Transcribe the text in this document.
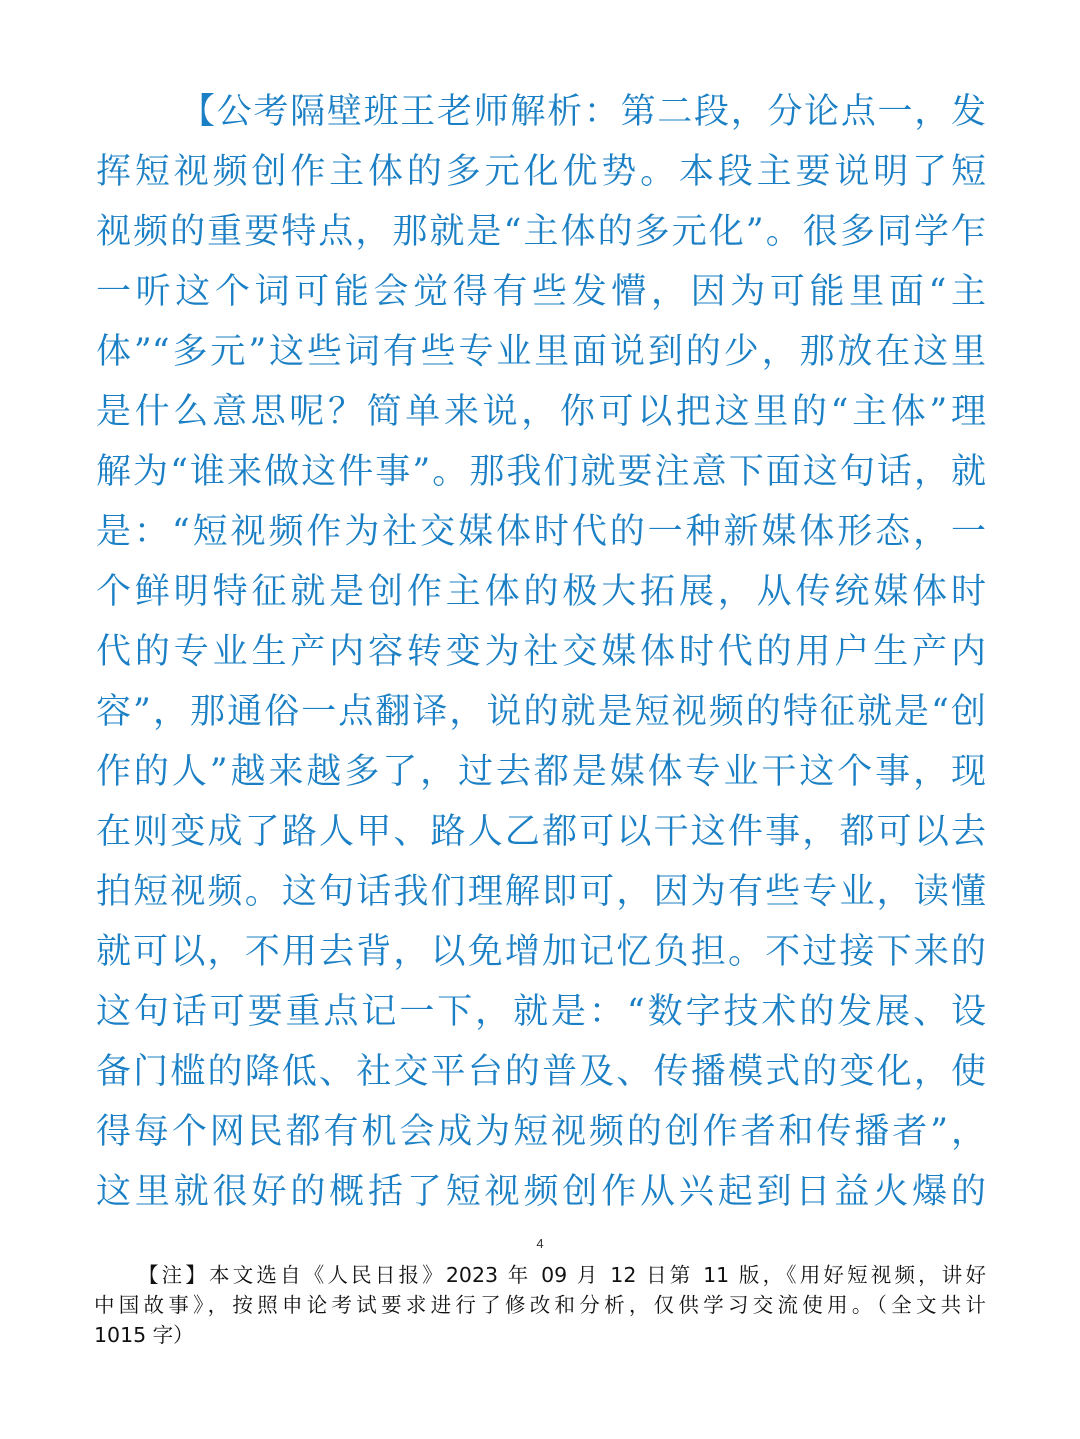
【公考隔壁班王老师解析：第二段，分论点一，发
挥短视频创作主体的多元化优势。本段主要说明了短
视频的重要特点，那就是“主体的多元化”。很多同学乍
一听这个词可能会觉得有些发懵，因为可能里面“主
体”“多元”这些词有些专业里面说到的少，那放在这里
是什么意思呢？简单来说，你可以把这里的“主体”理
解为“谁来做这件事”。那我们就要注意下面这句话，就
是：“短视频作为社交媒体时代的一种新媒体形态，一
个鲜明特征就是创作主体的极大拓展，从传统媒体时
代的专业生产内容转变为社交媒体时代的用户生产内
容”，那通俗一点翻译，说的就是短视频的特征就是“创
作的人”越来越多了，过去都是媒体专业干这个事，现
在则变成了路人甲、路人乙都可以干这件事，都可以去
拍短视频。这句话我们理解即可，因为有些专业，读懂
就可以，不用去背，以免增加记忆负担。不过接下来的
这句话可要重点记一下，就是：“数字技术的发展、设
备门槛的降低、社交平台的普及、传播模式的变化，使
得每个网民都有机会成为短视频的创作者和传播者”，
这里就很好的概括了短视频创作从兴起到日益火爆的
4
【注】本文选自《人民日报》2023 年 09 月 12 日第 11 版，《用好短视频，讲好
中国故事》，按照申论考试要求进行了修改和分析，仅供学习交流使用。（全文共计
1015 字）
